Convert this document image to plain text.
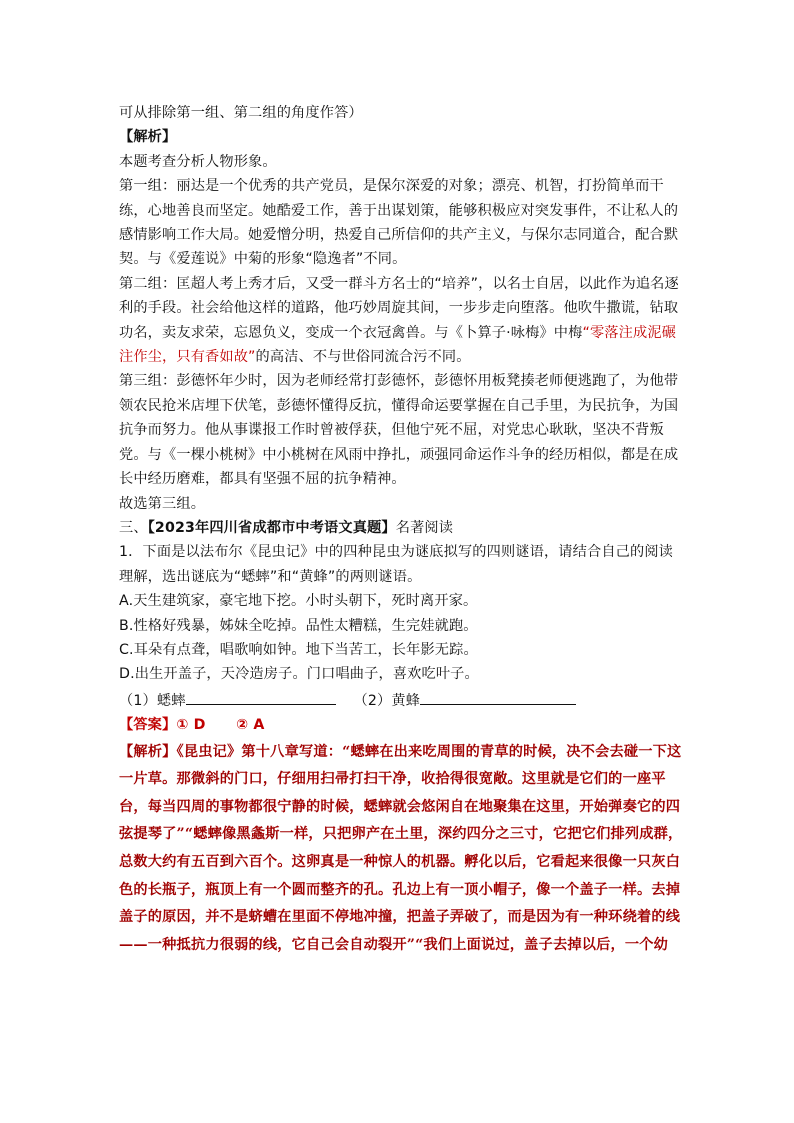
可从排除第一组、第二组的角度作答）

【解析】

本题考查分析人物形象。

第一组：丽达是一个优秀的共产党员，是保尔深爱的对象；漂亮、机智，打扮简单而干练，心地善良而坚定。她酷爱工作，善于出谋划策，能够积极应对突发事件，不让私人的感情影响工作大局。她爱憎分明，热爱自己所信仰的共产主义，与保尔志同道合，配合默契。与《爱莲说》中菊的形象“隐逸者”不同。

第二组：匡超人考上秀才后，又受一群斗方名士的“培养”，以名士自居，以此作为追名逐利的手段。社会给他这样的道路，他巧妙周旋其间，一步步走向堕落。他吹牛撒谎，钻取功名，卖友求荣，忘恩负义，变成一个衣冠禽兽。与《卜算子·咏梅》中梅“零落注成泥碾注作尘，只有香如故”的高洁、不与世俗同流合污不同。

第三组：彭德怀年少时，因为老师经常打彭德怀，彭德怀用板凳揍老师便逃跑了，为他带领农民抢米店埋下伏笔，彭德怀懂得反抗，懂得命运要掌握在自己手里，为民抗争，为国抗争而努力。他从事谍报工作时曾被俘获，但他宁死不屈，对党忠心耿耿，坚决不背叛党。与《一棵小桃树》中小桃树在风雨中挣扎，顽强同命运作斗争的经历相似，都是在成长中经历磨难，都具有坚强不屈的抗争精神。

故选第三组。

三、【2023年四川省成都市中考语文真题】名著阅读

1．下面是以法布尔《昆虫记》中的四种昆虫为谜底拟写的四则谜语，请结合自己的阅读理解，选出谜底为“蟋蟀”和“黄蜂”的两则谜语。

A.天生建筑家，豪宅地下挖。小时头朝下，死时离开家。

B.性格好残暴，姊妹全吃掉。品性太糟糕，生完娃就跑。

C.耳朵有点聋，唱歌响如钟。地下当苦工，长年影无踪。

D.出生开盖子，天冷造房子。门口唱曲子，喜欢吃叶子。

（1）蟋蟀	（2）黄蜂

【答案】① D      ② A

【解析】《昆虫记》第十八章写道：“蟋蟀在出来吃周围的青草的时候，决不会去碰一下这一片草。那微斜的门口，仔细用扫帚打扫干净，收拾得很宽敞。这里就是它们的一座平台，每当四周的事物都很宁静的时候，蟋蟀就会悠闲自在地聚集在这里，开始弹奏它的四弦提琴了”“蟋蟀像黑螽斯一样，只把卵产在土里，深约四分之三寸，它把它们排列成群，总数大约有五百到六百个。这卵真是一种惊人的机器。孵化以后，它看起来很像一只灰白色的长瓶子，瓶顶上有一个圆而整齐的孔。孔边上有一顶小帽子，像一个盖子一样。去掉盖子的原因，并不是蛴螬在里面不停地冲撞，把盖子弄破了，而是因为有一种环绕着的线——一种抵抗力很弱的线，它自己会自动裂开”“我们上面说过，盖子去掉以后，一个幼
